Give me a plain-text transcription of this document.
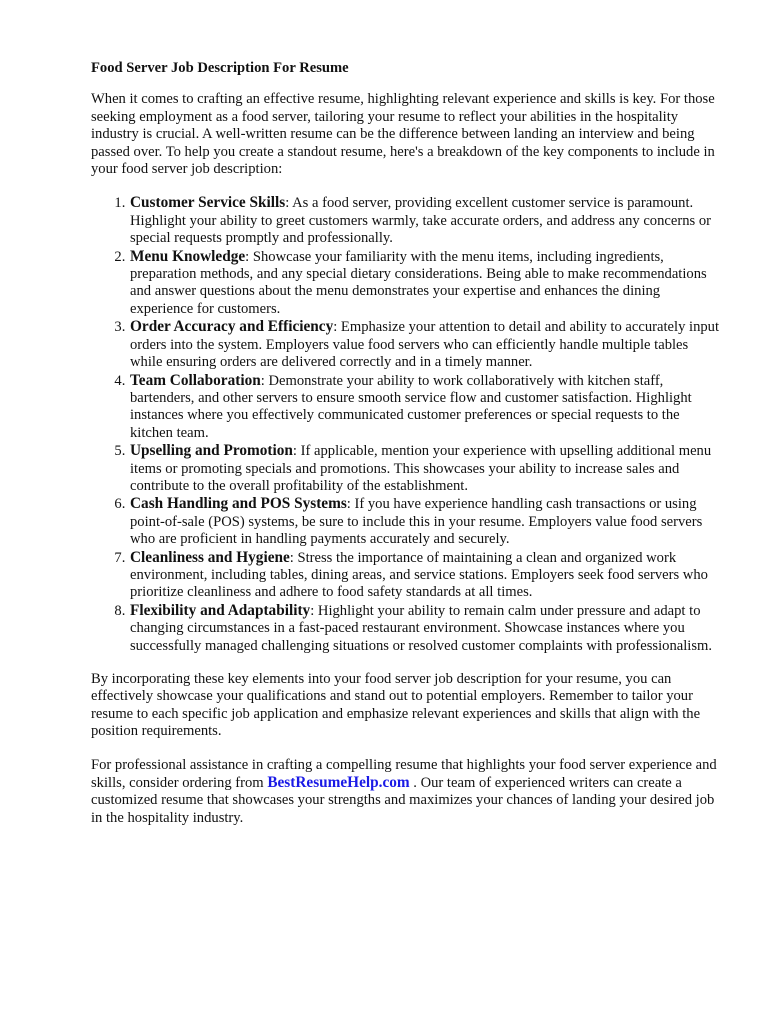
Food Server Job Description For Resume

When it comes to crafting an effective resume, highlighting relevant experience and skills is key. For those seeking employment as a food server, tailoring your resume to reflect your abilities in the hospitality industry is crucial. A well-written resume can be the difference between landing an interview and being passed over. To help you create a standout resume, here's a breakdown of the key components to include in your food server job description:

1. Customer Service Skills: As a food server, providing excellent customer service is paramount. Highlight your ability to greet customers warmly, take accurate orders, and address any concerns or special requests promptly and professionally.
2. Menu Knowledge: Showcase your familiarity with the menu items, including ingredients, preparation methods, and any special dietary considerations. Being able to make recommendations and answer questions about the menu demonstrates your expertise and enhances the dining experience for customers.
3. Order Accuracy and Efficiency: Emphasize your attention to detail and ability to accurately input orders into the system. Employers value food servers who can efficiently handle multiple tables while ensuring orders are delivered correctly and in a timely manner.
4. Team Collaboration: Demonstrate your ability to work collaboratively with kitchen staff, bartenders, and other servers to ensure smooth service flow and customer satisfaction. Highlight instances where you effectively communicated customer preferences or special requests to the kitchen team.
5. Upselling and Promotion: If applicable, mention your experience with upselling additional menu items or promoting specials and promotions. This showcases your ability to increase sales and contribute to the overall profitability of the establishment.
6. Cash Handling and POS Systems: If you have experience handling cash transactions or using point-of-sale (POS) systems, be sure to include this in your resume. Employers value food servers who are proficient in handling payments accurately and securely.
7. Cleanliness and Hygiene: Stress the importance of maintaining a clean and organized work environment, including tables, dining areas, and service stations. Employers seek food servers who prioritize cleanliness and adhere to food safety standards at all times.
8. Flexibility and Adaptability: Highlight your ability to remain calm under pressure and adapt to changing circumstances in a fast-paced restaurant environment. Showcase instances where you successfully managed challenging situations or resolved customer complaints with professionalism.

By incorporating these key elements into your food server job description for your resume, you can effectively showcase your qualifications and stand out to potential employers. Remember to tailor your resume to each specific job application and emphasize relevant experiences and skills that align with the position requirements.

For professional assistance in crafting a compelling resume that highlights your food server experience and skills, consider ordering from BestResumeHelp.com . Our team of experienced writers can create a customized resume that showcases your strengths and maximizes your chances of landing your desired job in the hospitality industry.
